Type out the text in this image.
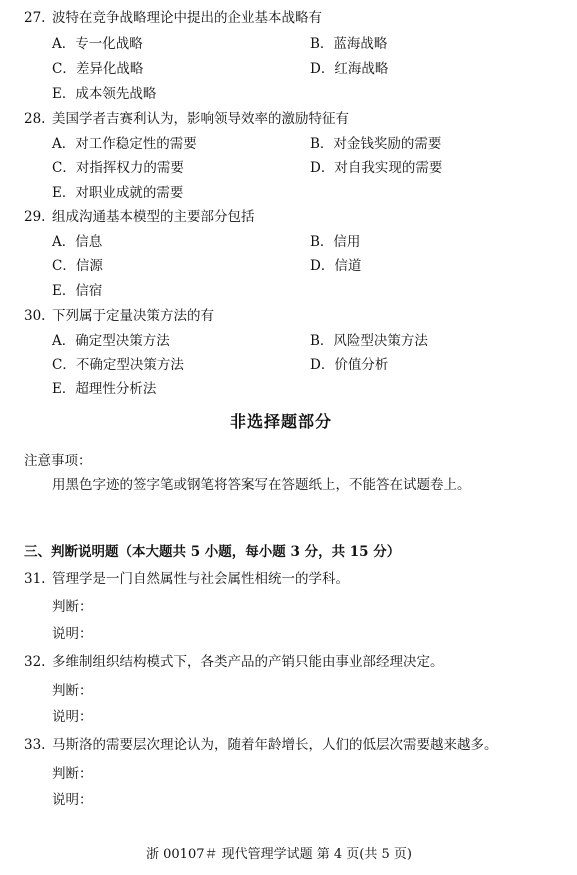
27. 波特在竞争战略理论中提出的企业基本战略有
A．专一化战略	B．蓝海战略
C．差异化战略	D．红海战略
E．成本领先战略
28. 美国学者吉赛利认为，影响领导效率的激励特征有
A．对工作稳定性的需要	B．对金钱奖励的需要
C．对指挥权力的需要	D．对自我实现的需要
E．对职业成就的需要
29. 组成沟通基本模型的主要部分包括
A．信息	B．信用
C．信源	D．信道
E．信宿
30. 下列属于定量决策方法的有
A．确定型决策方法	B．风险型决策方法
C．不确定型决策方法	D．价值分析
E．超理性分析法
非选择题部分
注意事项：
用黑色字迹的签字笔或钢笔将答案写在答题纸上，不能答在试题卷上。
三、判断说明题（本大题共 5 小题，每小题 3 分，共 15 分）
31. 管理学是一门自然属性与社会属性相统一的学科。
判断：
说明：
32. 多维制组织结构模式下，各类产品的产销只能由事业部经理决定。
判断：
说明：
33. 马斯洛的需要层次理论认为，随着年龄增长，人们的低层次需要越来越多。
判断：
说明：
浙 00107＃ 现代管理学试题 第 4 页(共 5 页)
